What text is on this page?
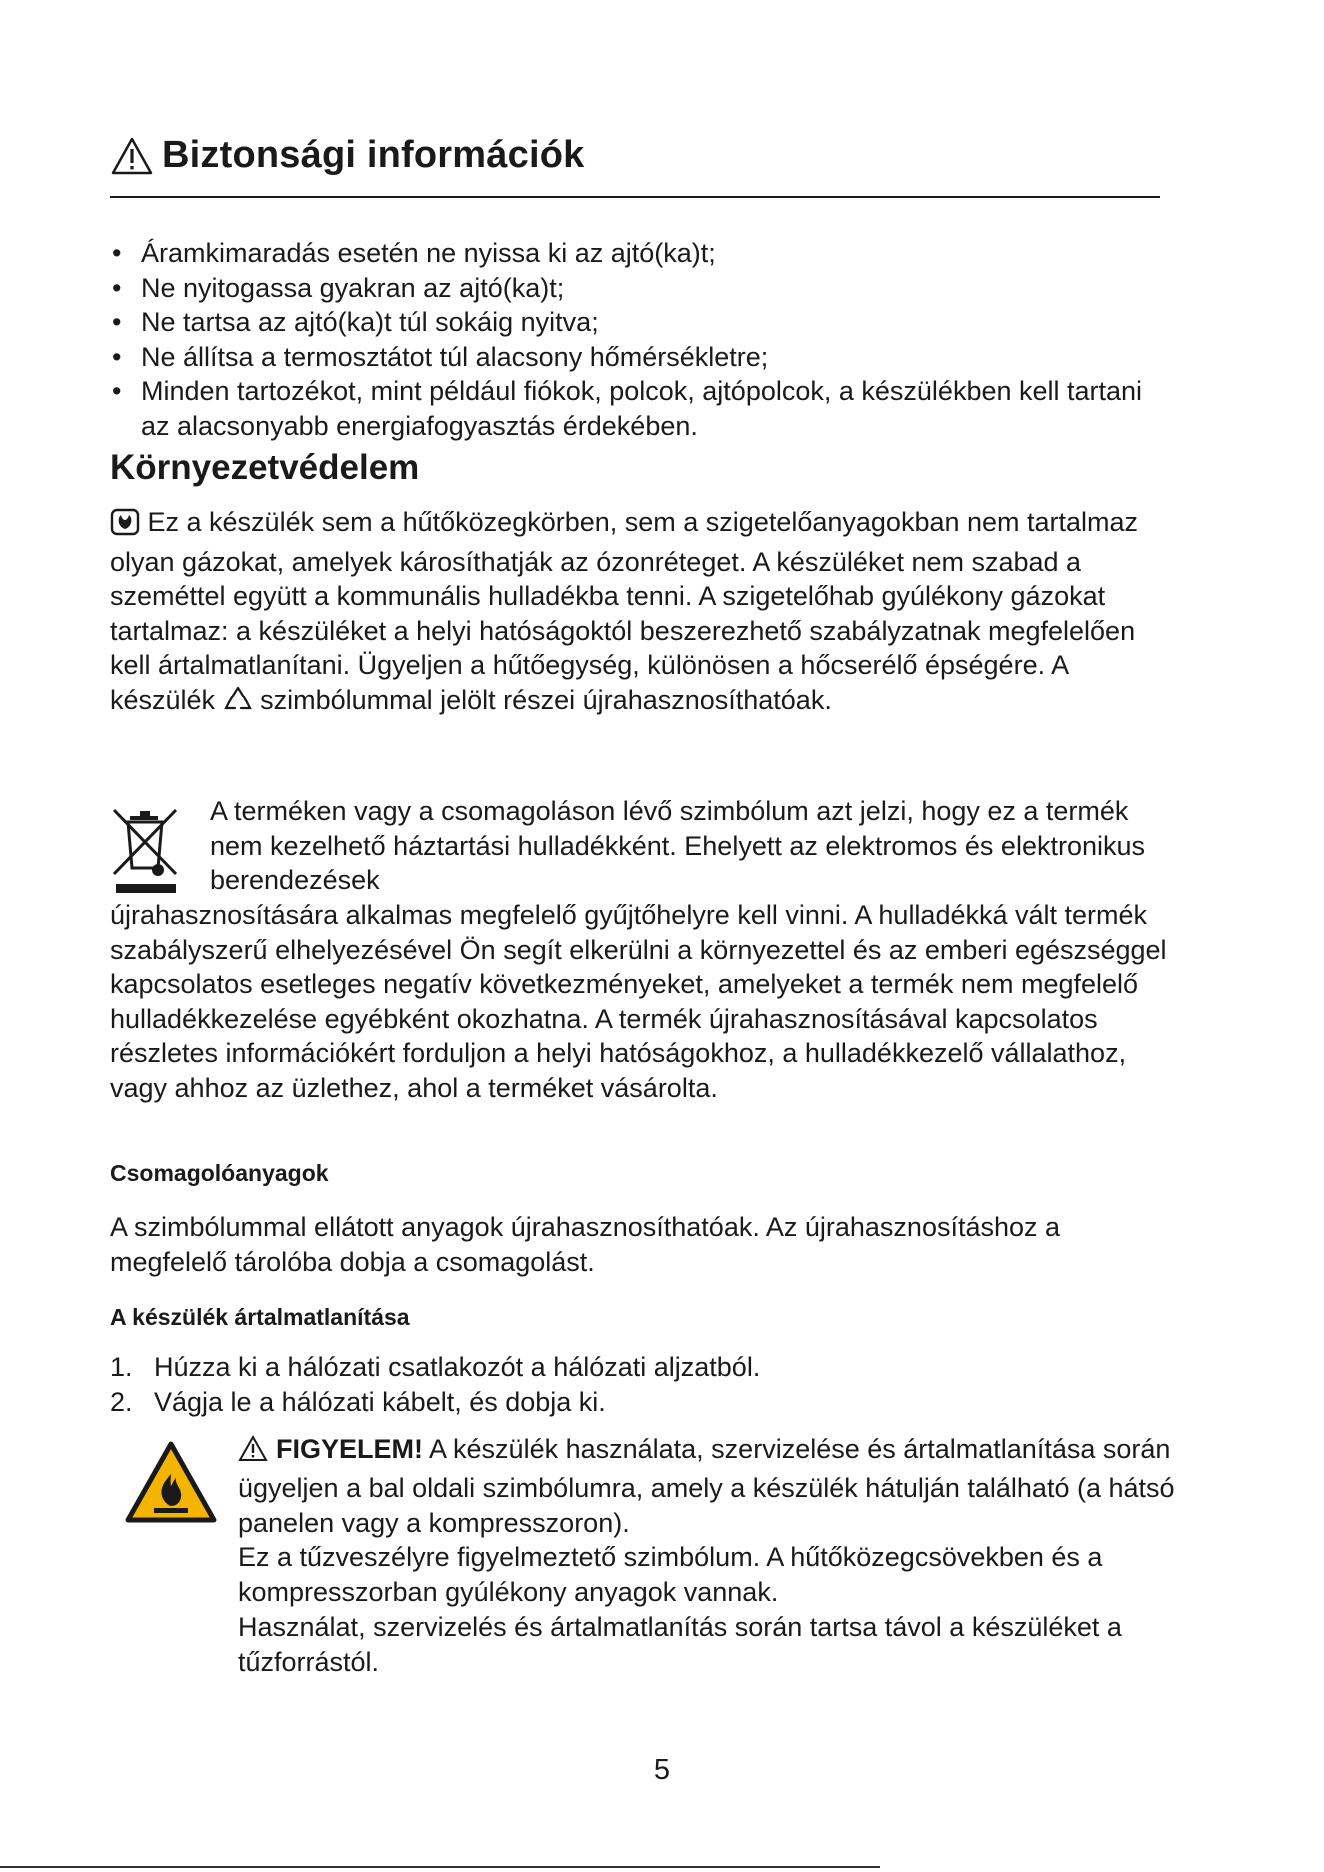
Biztonsági információk
• Áramkimaradás esetén ne nyissa ki az ajtó(ka)t;
• Ne nyitogassa gyakran az ajtó(ka)t;
• Ne tartsa az ajtó(ka)t túl sokáig nyitva;
• Ne állítsa a termosztátot túl alacsony hőmérsékletre;
• Minden tartozékot, mint például fiókok, polcok, ajtópolcok, a készülékben kell tartani az alacsonyabb energiafogyasztás érdekében.
Környezetvédelem

Ez a készülék sem a hűtőközegkörben, sem a szigetelőanyagokban nem tartalmaz olyan gázokat, amelyek károsíthatják az ózonréteget. A készüléket nem szabad a szeméttel együtt a kommunális hulladékba tenni. A szigetelőhab gyúlékony gázokat tartalmaz: a készüléket a helyi hatóságoktól beszerezhető szabályzatnak megfelelően kell ártalmatlanítani. Ügyeljen a hűtőegység, különösen a hőcserélő épségére. A készülék szimbólummal jelölt részei újrahasznosíthatóak.

A terméken vagy a csomagoláson lévő szimbólum azt jelzi, hogy ez a termék nem kezelhető háztartási hulladékként. Ehelyett az elektromos és elektronikus berendezések

újrahasznosítására alkalmas megfelelő gyűjtőhelyre kell vinni. A hulladékká vált termék szabályszerű elhelyezésével Ön segít elkerülni a környezettel és az emberi egészséggel kapcsolatos esetleges negatív következményeket, amelyeket a termék nem megfelelő hulladékkezelése egyébként okozhatna. A termék újrahasznosításával kapcsolatos részletes információkért forduljon a helyi hatóságokhoz, a hulladékkezelő vállalathoz, vagy ahhoz az üzlethez, ahol a terméket vásárolta.

Csomagolóanyagok

A szimbólummal ellátott anyagok újrahasznosíthatóak. Az újrahasznosításhoz a megfelelő tárolóba dobja a csomagolást.

A készülék ártalmatlanítása
1. Húzza ki a hálózati csatlakozót a hálózati aljzatból.
2. Vágja le a hálózati kábelt, és dobja ki.
FIGYELEM! A készülék használata, szervizelése és ártalmatlanítása során ügyeljen a bal oldali szimbólumra, amely a készülék hátulján található (a hátsó panelen vagy a kompresszoron).
Ez a tűzveszélyre figyelmeztető szimbólum. A hűtőközegcsövekben és a kompresszorban gyúlékony anyagok vannak.
Használat, szervizelés és ártalmatlanítás során tartsa távol a készüléket a tűzforrástól.
5
